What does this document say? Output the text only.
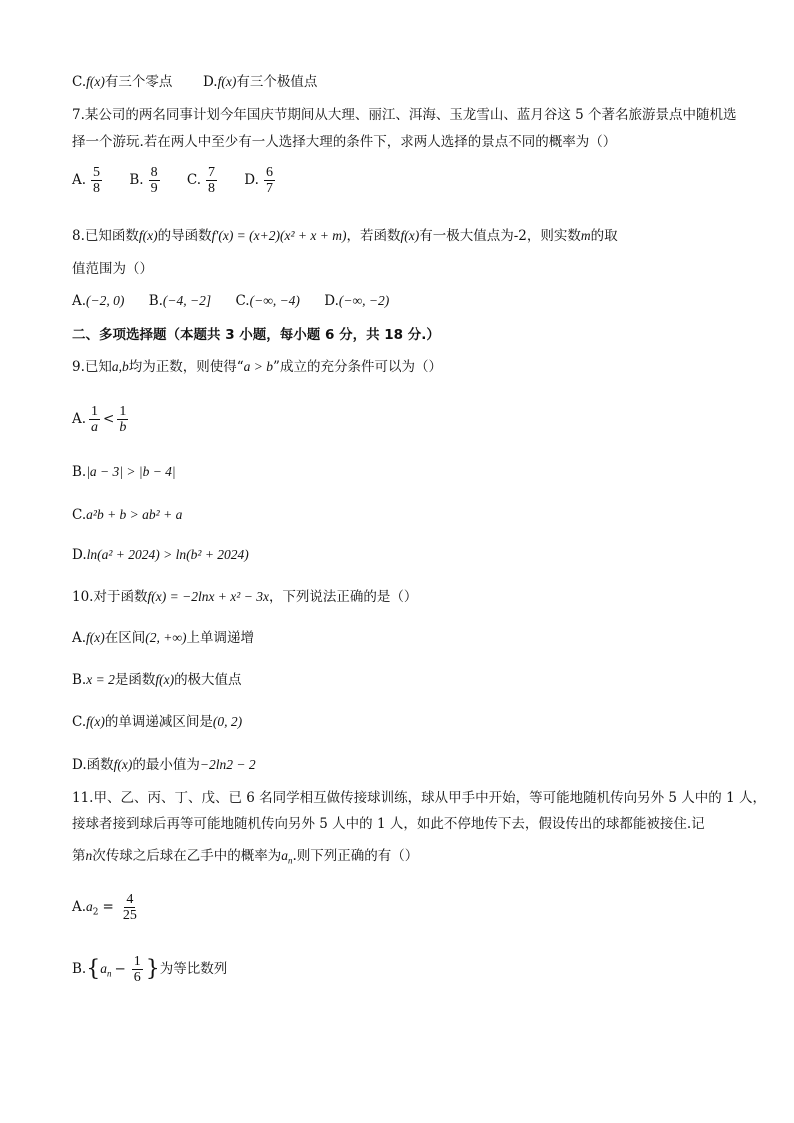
C.f(x)有三个零点 D.f(x)有三个极值点
7.某公司的两名同事计划今年国庆节期间从大理、丽江、洱海、玉龙雪山、蓝月谷这 5 个著名旅游景点中随机选
择一个游玩.若在两人中至少有一人选择大理的条件下，求两人选择的景点不同的概率为（）
A. $\frac{5}{8} B$. $\frac{8}{9} C$. $\frac{7}{8} D$. $\frac{6}{7}$
8.已知函数f(x)的导函数f′(x) = (x+2)(x² + x + m)，若函数f(x)有一极大值点为-2，则实数m的取
值范围为（）
A.(−2, 0) B.(−4, −2] C.(−∞, −4) D.(−∞, −2)
二、多项选择题（本题共 3 小题，每小题 6 分，共 18 分.）
9.已知a,b均为正数，则使得“a > b”成立的充分条件可以为（）
A. $\frac{1}{a} < \frac{1}{b}$
B.|a − 3| > |b − 4|
C.a²b + b > ab² + a
D.ln(a² + 2024) > ln(b² + 2024)
10.对于函数f(x) = −2lnx + x² − 3x，下列说法正确的是（）
A.f(x)在区间(2, +∞)上单调递增
B.x = 2是函数f(x)的极大值点
C.f(x)的单调递减区间是(0, 2)
D.函数f(x)的最小值为−2ln2 − 2
11.甲、乙、丙、丁、戊、已 6 名同学相互做传接球训练，球从甲手中开始，等可能地随机传向另外 5 人中的 1 人，
接球者接到球后再等可能地随机传向另外 5 人中的 1 人，如此不停地传下去，假设传出的球都能被接住.记
第n次传球之后球在乙手中的概率为$a_n$.则下列正确的有（）
$A.a_2 = \frac{4}{25}$
$B.\{a_n - \frac{1}{6}$ }为等比数列
